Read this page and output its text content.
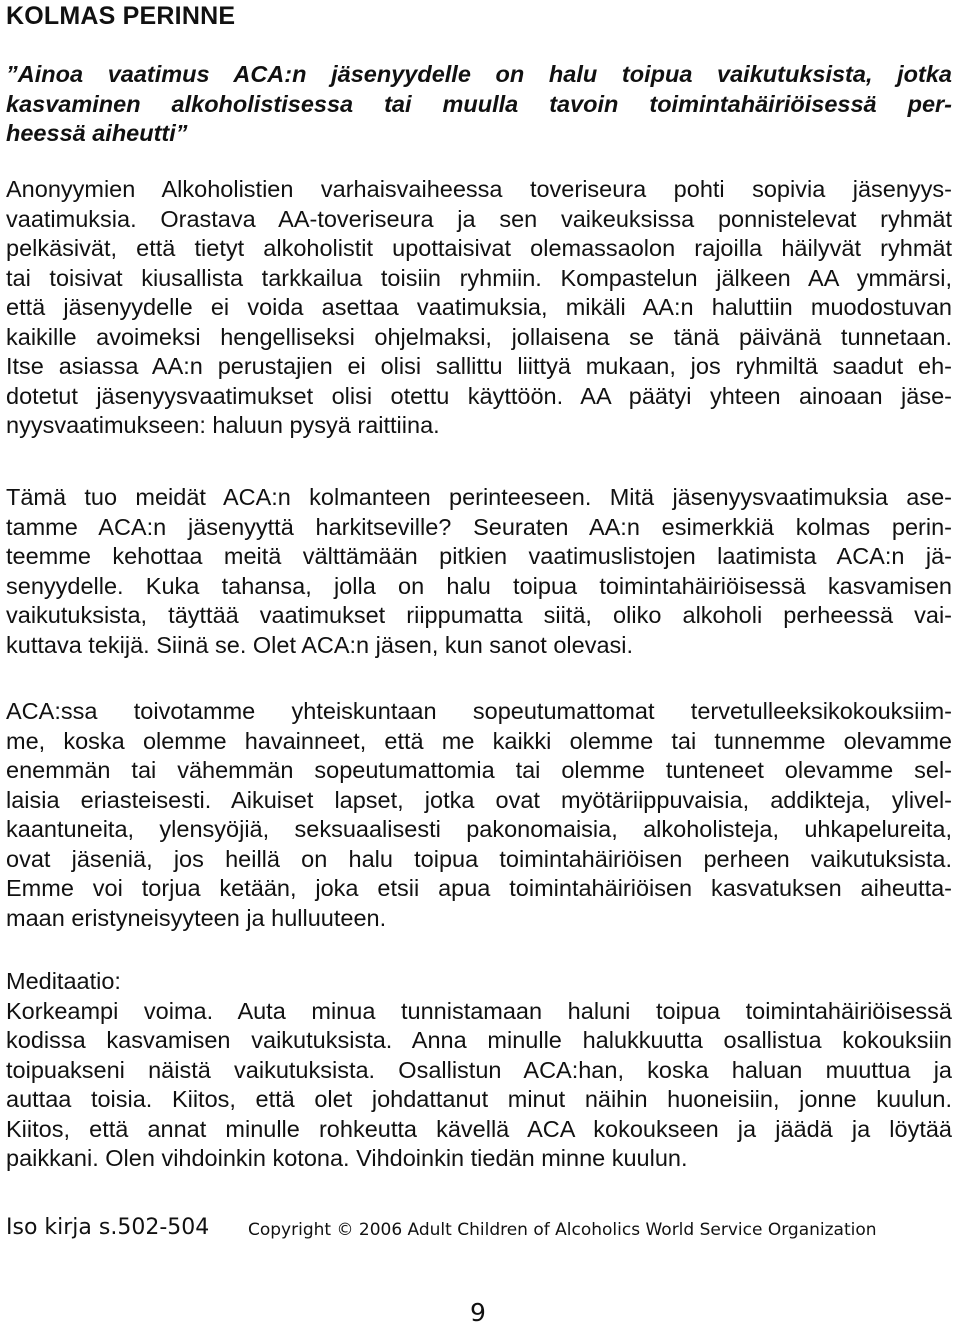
KOLMAS PERINNE
”Ainoa vaatimus ACA:n jäsenyydelle on halu toipua vaikutuksista, jotka
kasvaminen alkoholistisessa tai muulla tavoin toimintahäiriöisessä per-
heessä aiheutti”
Anonyymien Alkoholistien varhaisvaiheessa toveriseura pohti sopivia jäsenyys-
vaatimuksia. Orastava AA-toveriseura ja sen vaikeuksissa ponnistelevat ryhmät
pelkäsivät, että tietyt alkoholistit upottaisivat olemassaolon rajoilla häilyvät ryhmät
tai toisivat kiusallista tarkkailua toisiin ryhmiin. Kompastelun jälkeen AA ymmärsi,
että jäsenyydelle ei voida asettaa vaatimuksia, mikäli AA:n haluttiin muodostuvan
kaikille avoimeksi hengelliseksi ohjelmaksi, jollaisena se tänä päivänä tunnetaan.
Itse asiassa AA:n perustajien ei olisi sallittu liittyä mukaan, jos ryhmiltä saadut eh-
dotetut jäsenyysvaatimukset olisi otettu käyttöön. AA päätyi yhteen ainoaan jäse-
nyysvaatimukseen: haluun pysyä raittiina.
Tämä tuo meidät ACA:n kolmanteen perinteeseen. Mitä jäsenyysvaatimuksia ase-
tamme ACA:n jäsenyyttä harkitseville? Seuraten AA:n esimerkkiä kolmas perin-
teemme kehottaa meitä välttämään pitkien vaatimuslistojen laatimista ACA:n jä-
senyydelle. Kuka tahansa, jolla on halu toipua toimintahäiriöisessä kasvamisen
vaikutuksista, täyttää vaatimukset riippumatta siitä, oliko alkoholi perheessä vai-
kuttava tekijä. Siinä se. Olet ACA:n jäsen, kun sanot olevasi.
ACA:ssa toivotamme yhteiskuntaan sopeutumattomat tervetulleeksikokouksiim-
me, koska olemme havainneet, että me kaikki olemme tai tunnemme olevamme
enemmän tai vähemmän sopeutumattomia tai olemme tunteneet olevamme sel-
laisia eriasteisesti. Aikuiset lapset, jotka ovat myötäriippuvaisia, addikteja, ylivel-
kaantuneita, ylensyöjiä, seksuaalisesti pakonomaisia, alkoholisteja, uhkapelureita,
ovat jäseniä, jos heillä on halu toipua toimintahäiriöisen perheen vaikutuksista.
Emme voi torjua ketään, joka etsii apua toimintahäiriöisen kasvatuksen aiheutta-
maan eristyneisyyteen ja hulluuteen.
Meditaatio:
Korkeampi voima. Auta minua tunnistamaan haluni toipua toimintahäiriöisessä
kodissa kasvamisen vaikutuksista. Anna minulle halukkuutta osallistua kokouksiin
toipuakseni näistä vaikutuksista. Osallistun ACA:han, koska haluan muuttua ja
auttaa toisia. Kiitos, että olet johdattanut minut näihin huoneisiin, jonne kuulun.
Kiitos, että annat minulle rohkeutta kävellä ACA kokoukseen ja jäädä ja löytää
paikkani. Olen vihdoinkin kotona. Vihdoinkin tiedän minne kuulun.
Iso kirja s.502-504 Copyright © 2006 Adult Children of Alcoholics World Service Organization
9
